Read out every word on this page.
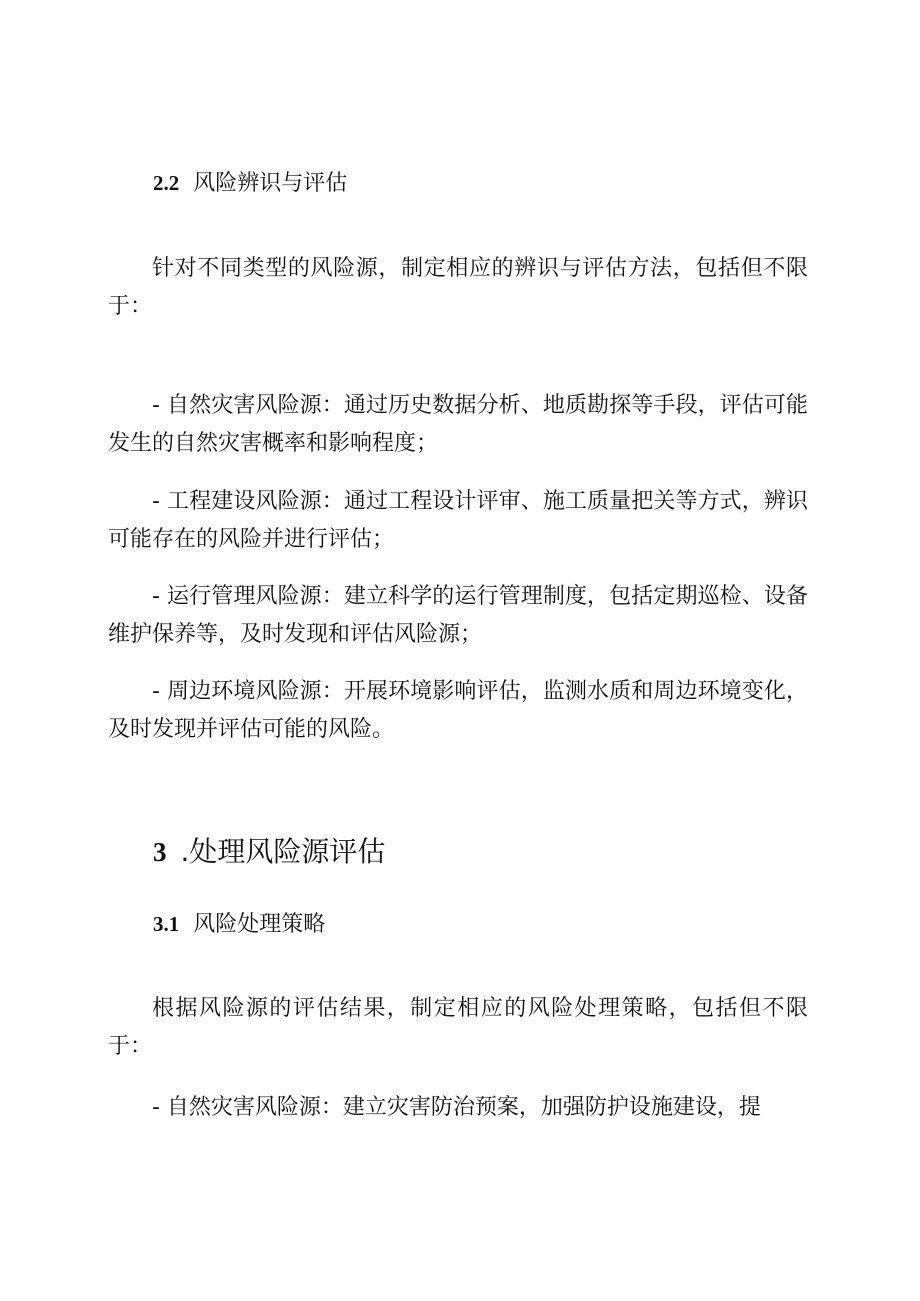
2.2 风险辨识与评估

针对不同类型的风险源，制定相应的辨识与评估方法，包括但不限于：

- 自然灾害风险源：通过历史数据分析、地质勘探等手段，评估可能发生的自然灾害概率和影响程度；

- 工程建设风险源：通过工程设计评审、施工质量把关等方式，辨识可能存在的风险并进行评估；

- 运行管理风险源：建立科学的运行管理制度，包括定期巡检、设备维护保养等，及时发现和评估风险源；

- 周边环境风险源：开展环境影响评估，监测水质和周边环境变化，及时发现并评估可能的风险。

3 .处理风险源评估
3.1 风险处理策略

根据风险源的评估结果，制定相应的风险处理策略，包括但不限于：

- 自然灾害风险源：建立灾害防治预案，加强防护设施建设，提
